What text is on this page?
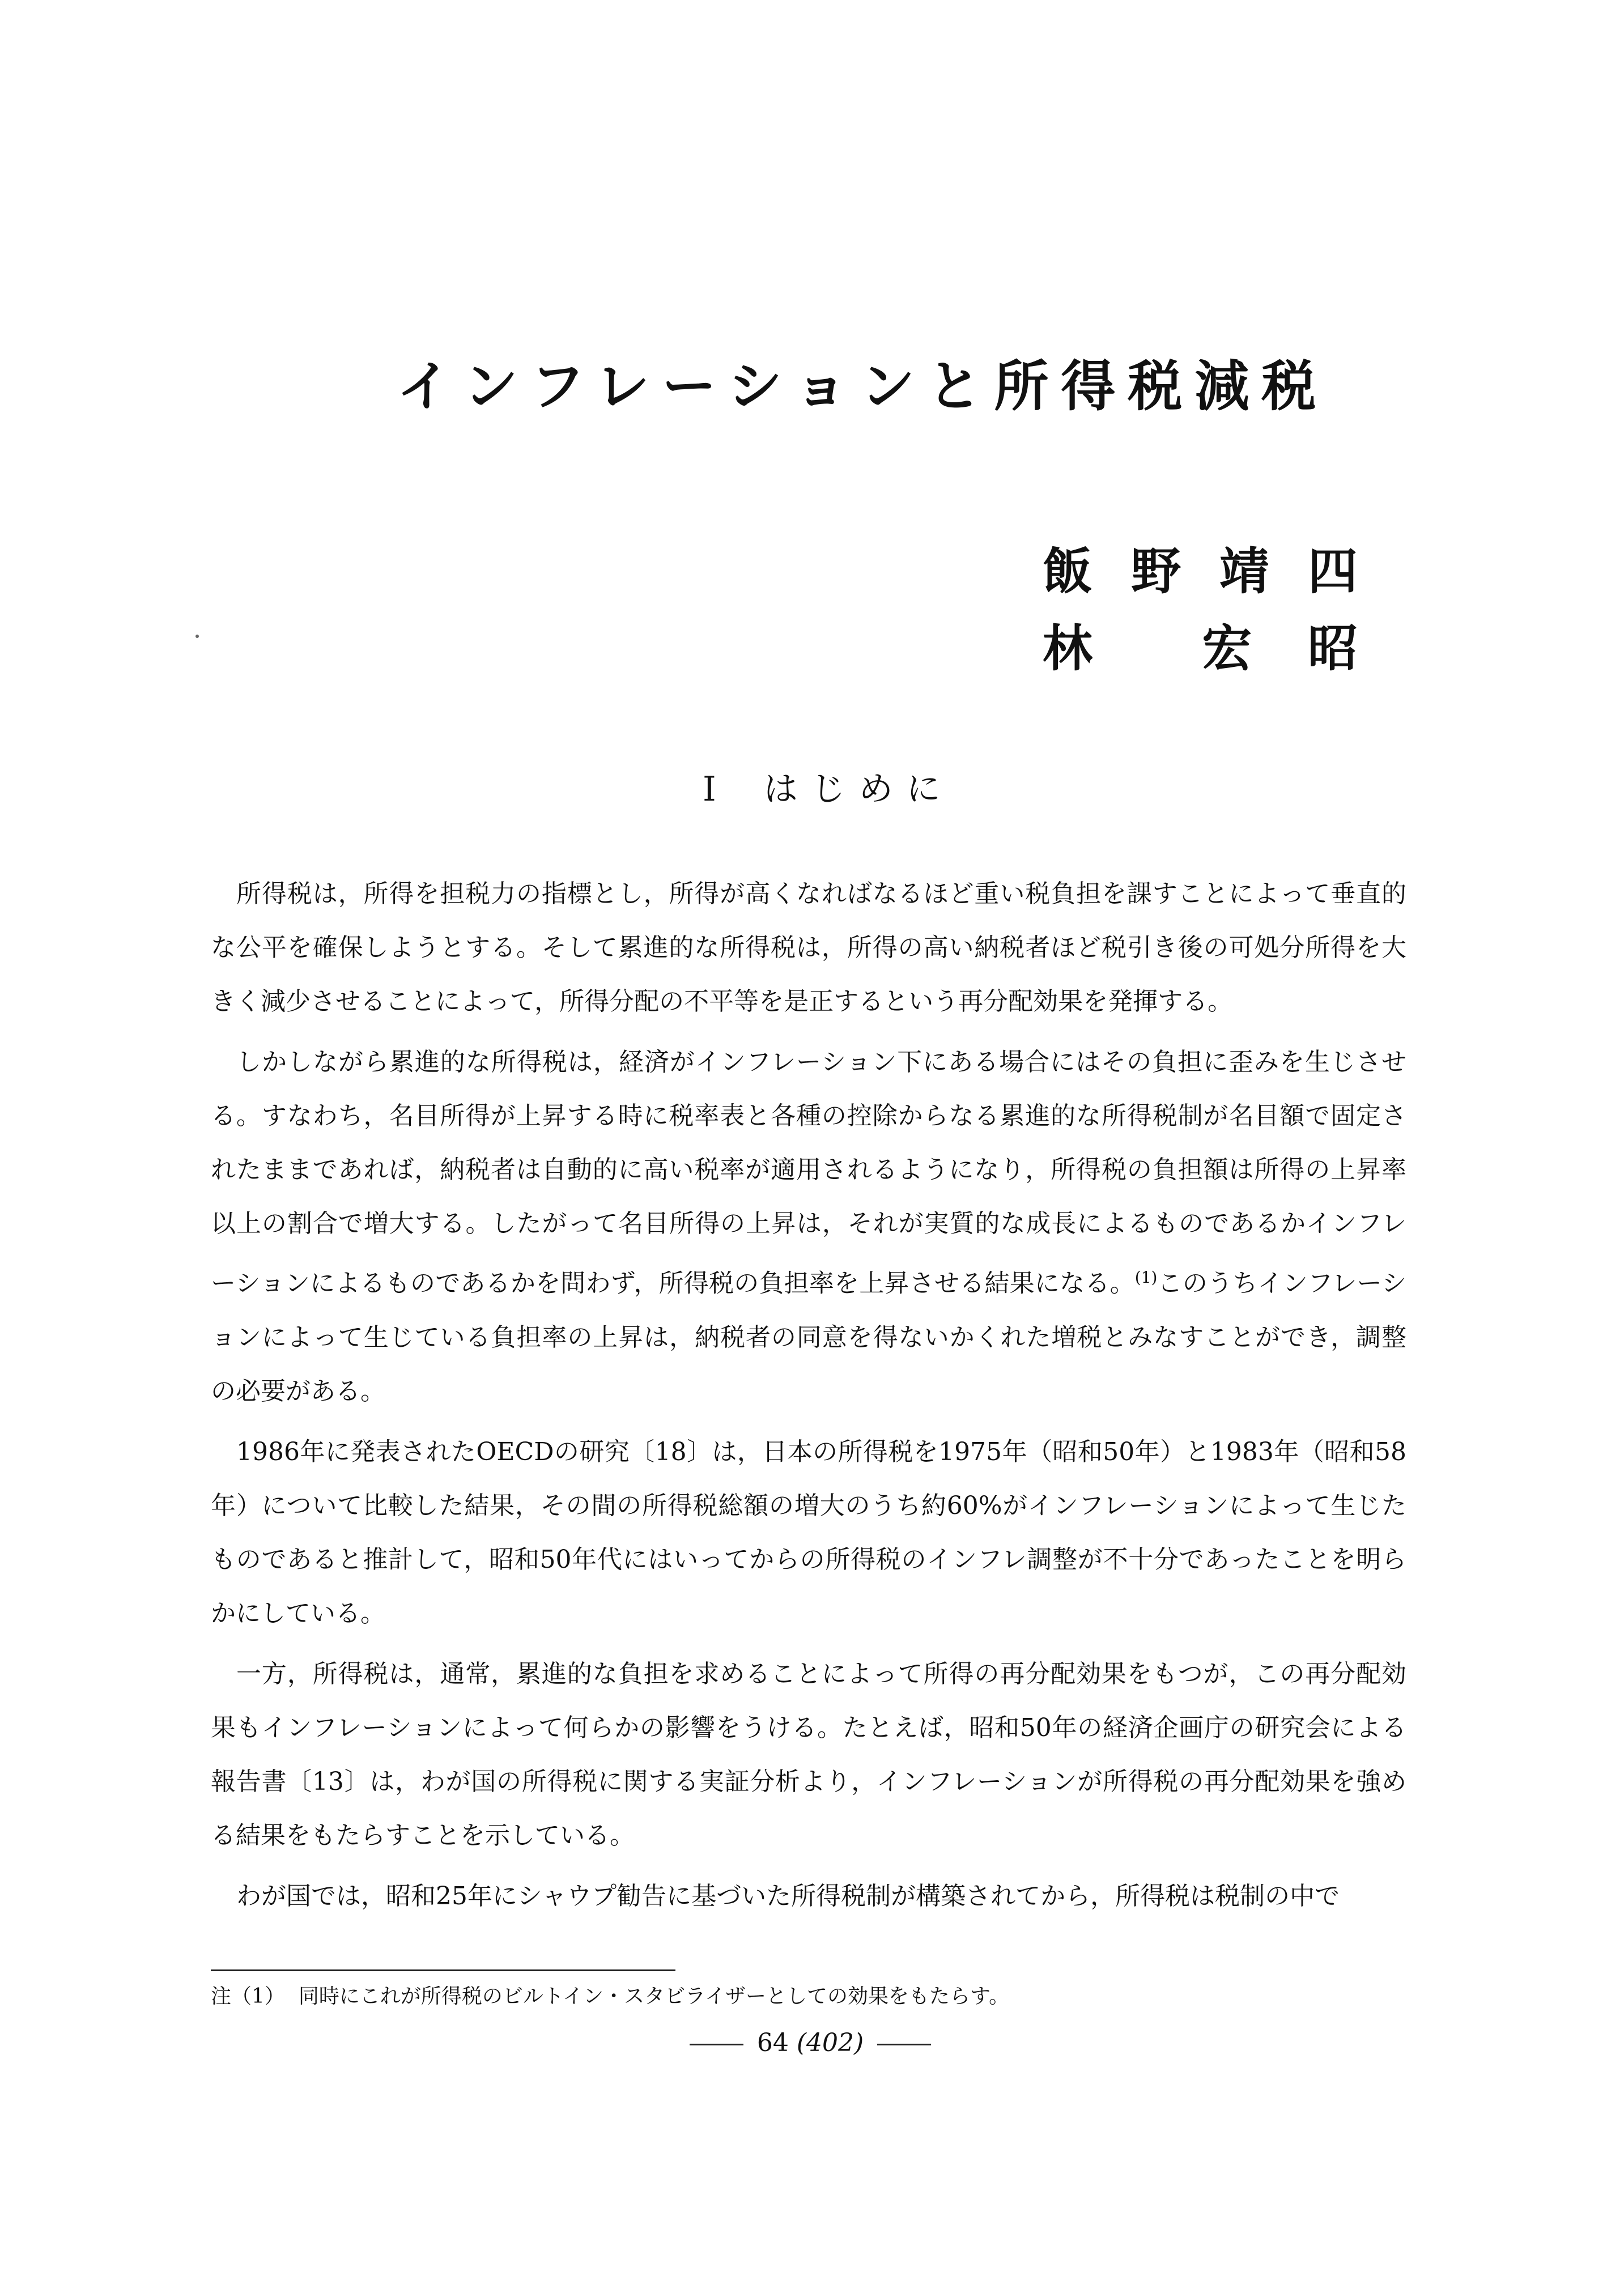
インフレーションと所得税減税
飯 野 靖 四
林 宏 昭
I はじめに

所得税は，所得を担税力の指標とし，所得が高くなればなるほど重い税負担を課すことによって垂直的な公平を確保しようとする。そして累進的な所得税は，所得の高い納税者ほど税引き後の可処分所得を大きく減少させることによって，所得分配の不平等を是正するという再分配効果を発揮する。

しかしながら累進的な所得税は，経済がインフレーション下にある場合にはその負担に歪みを生じさせる。すなわち，名目所得が上昇する時に税率表と各種の控除からなる累進的な所得税制が名目額で固定されたままであれば，納税者は自動的に高い税率が適用されるようになり，所得税の負担額は所得の上昇率以上の割合で増大する。したがって名目所得の上昇は，それが実質的な成長によるものであるかインフレーションによるものであるかを問わず，所得税の負担率を上昇させる結果になる。$^{(1)}$このうちインフレーションによって生じている負担率の上昇は，納税者の同意を得ないかくれた増税とみなすことができ，調整の必要がある。

1986年に発表されたOECDの研究〔18〕は，日本の所得税を1975年（昭和50年）と1983年（昭和58年）について比較した結果，その間の所得税総額の増大のうち約60%がインフレーションによって生じたものであると推計して，昭和50年代にはいってからの所得税のインフレ調整が不十分であったことを明らかにしている。

一方，所得税は，通常，累進的な負担を求めることによって所得の再分配効果をもつが，この再分配効果もインフレーションによって何らかの影響をうける。たとえば，昭和50年の経済企画庁の研究会による報告書〔13〕は，わが国の所得税に関する実証分析より，インフレーションが所得税の再分配効果を強める結果をもたらすことを示している。

わが国では，昭和25年にシャウプ勧告に基づいた所得税制が構築されてから，所得税は税制の中で

注（1） 同時にこれが所得税のビルトイン・スタビライザーとしての効果をもたらす。
64 (402)
